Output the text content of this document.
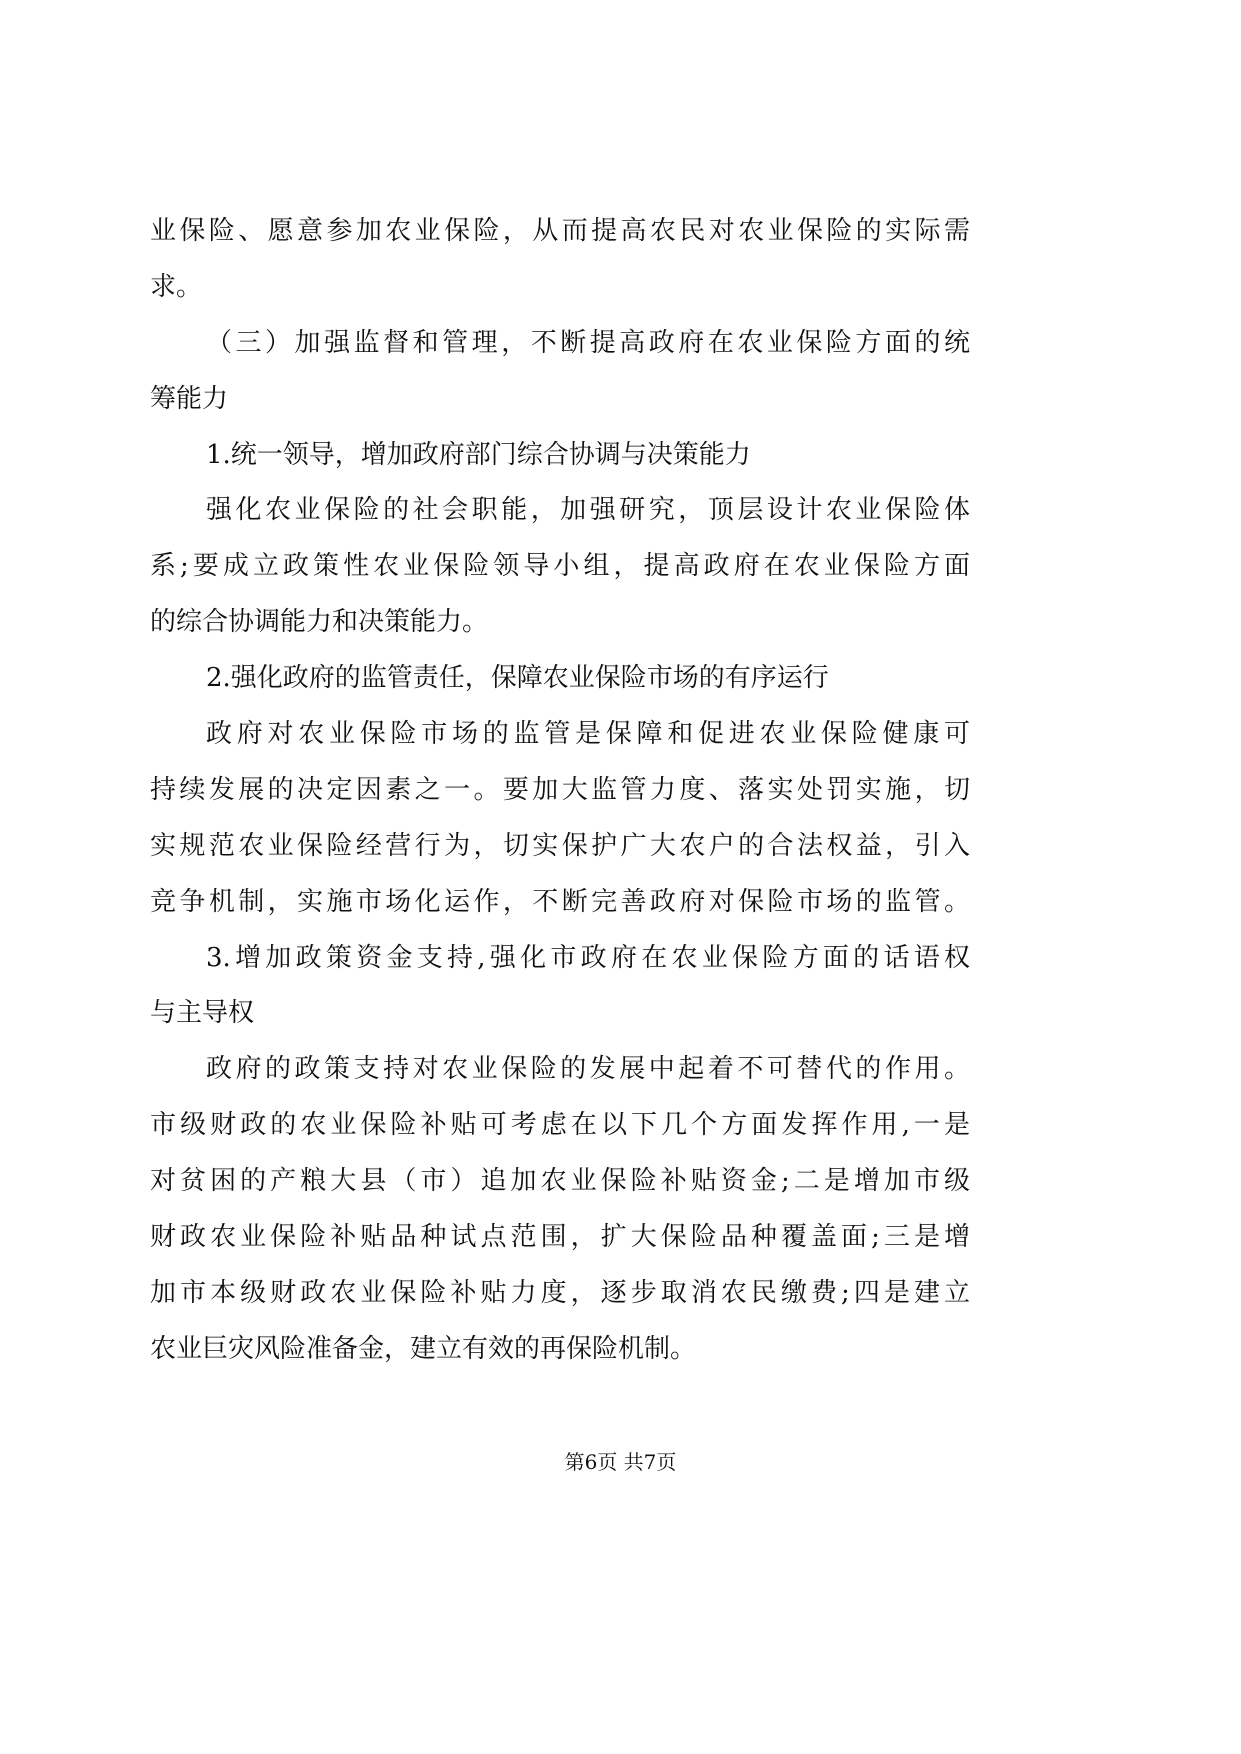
业保险、愿意参加农业保险，从而提高农民对农业保险的实际需
求。
（三）加强监督和管理，不断提高政府在农业保险方面的统
筹能力
1.统一领导，增加政府部门综合协调与决策能力
强化农业保险的社会职能，加强研究，顶层设计农业保险体
系;要成立政策性农业保险领导小组，提高政府在农业保险方面
的综合协调能力和决策能力。
2.强化政府的监管责任，保障农业保险市场的有序运行
政府对农业保险市场的监管是保障和促进农业保险健康可
持续发展的决定因素之一。要加大监管力度、落实处罚实施，切
实规范农业保险经营行为，切实保护广大农户的合法权益，引入
竞争机制，实施市场化运作，不断完善政府对保险市场的监管。
3.增加政策资金支持,强化市政府在农业保险方面的话语权
与主导权
政府的政策支持对农业保险的发展中起着不可替代的作用。
市级财政的农业保险补贴可考虑在以下几个方面发挥作用,一是
对贫困的产粮大县（市）追加农业保险补贴资金;二是增加市级
财政农业保险补贴品种试点范围，扩大保险品种覆盖面;三是增
加市本级财政农业保险补贴力度，逐步取消农民缴费;四是建立
农业巨灾风险准备金，建立有效的再保险机制。
第6页 共7页
